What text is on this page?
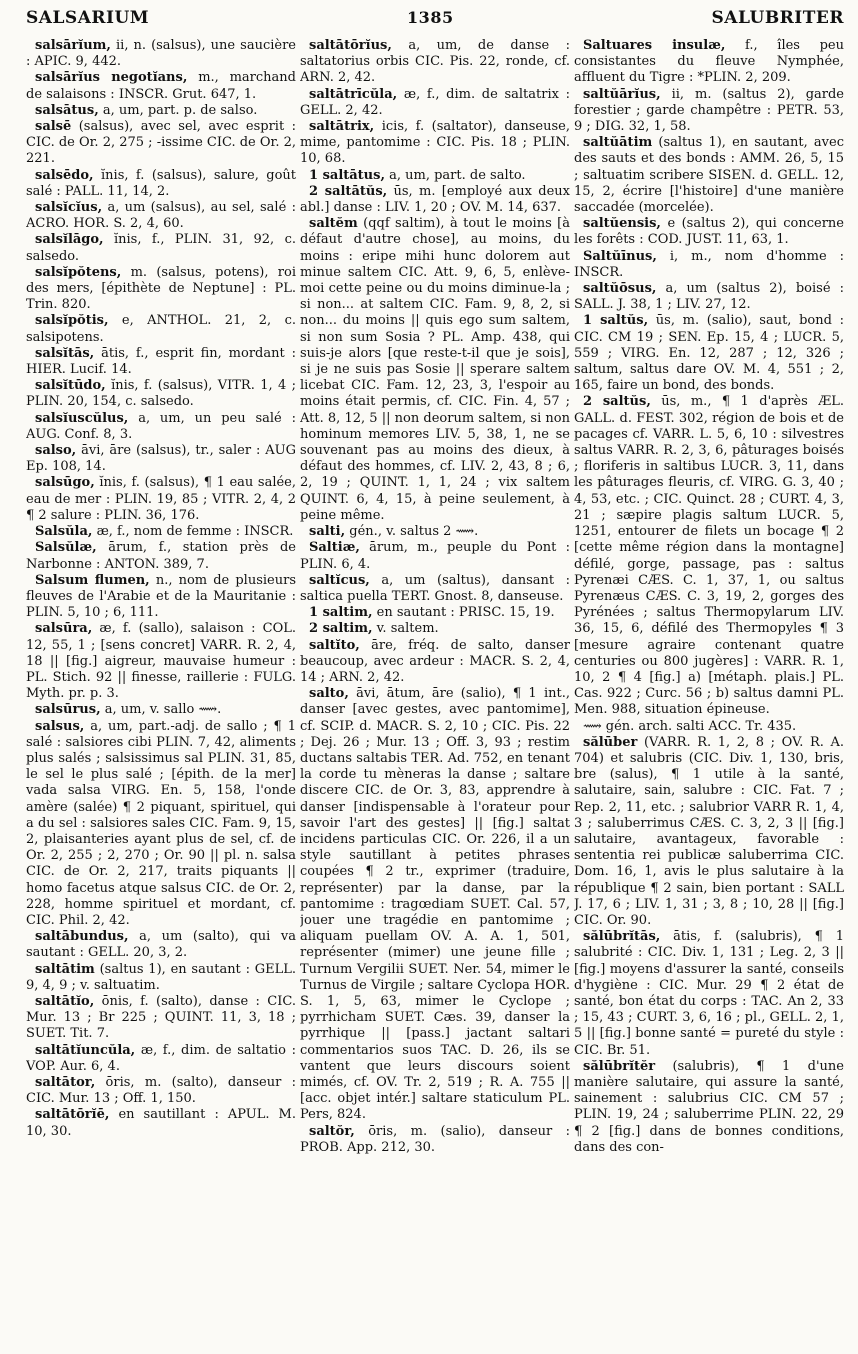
SALSARIUM	1385	SALUBRITER

salsārĭum, ii, n. (salsus), une saucière : APIC. 9, 442.

salsārĭus negotĭans, m., marchand de salaisons : INSCR. Grut. 647, 1.

salsātus, a, um, part. p. de salso.

salsē (salsus), avec sel, avec esprit : CIC. de Or. 2, 275 ; -issime CIC. de Or. 2, 221.

salsēdo, ĭnis, f. (salsus), salure, goût salé : PALL. 11, 14, 2.

salsĭcĭus, a, um (salsus), au sel, salé : ACRO. HOR. S. 2, 4, 60.

salsĭlāgo, ĭnis, f., PLIN. 31, 92, c. salsedo.

salsĭpŏtens, m. (salsus, potens), roi des mers, [épithète de Neptune] : PL. Trin. 820.

salsĭpŏtis, e, ANTHOL. 21, 2, c. salsipotens.

salsĭtās, ātis, f., esprit fin, mordant : HIER. Lucif. 14.

salsĭtūdo, ĭnis, f. (salsus), VITR. 1, 4 ; PLIN. 20, 154, c. salsedo.

salsĭuscŭlus, a, um, un peu salé : AUG. Conf. 8, 3.

salso, āvi, āre (salsus), tr., saler : AUG Ep. 108, 14.

salsūgo, ĭnis, f. (salsus), ¶ 1 eau salée, eau de mer : PLIN. 19, 85 ; VITR. 2, 4, 2 ¶ 2 salure : PLIN. 36, 176.

Salsŭla, æ, f., nom de femme : INSCR.

Salsŭlæ, ārum, f., station près de Narbonne : ANTON. 389, 7.

Salsum flumen, n., nom de plusieurs fleuves de l'Arabie et de la Mauritanie : PLIN. 5, 10 ; 6, 111.

salsūra, æ, f. (sallo), salaison : COL. 12, 55, 1 ; [sens concret] VARR. R. 2, 4, 18 || [fig.] aigreur, mauvaise humeur : PL. Stich. 92 || finesse, raillerie : FULG. Myth. pr. p. 3.

salsūrus, a, um, v. sallo ⟿.

salsus, a, um, part.-adj. de sallo ; ¶ 1 salé : salsiores cibi PLIN. 7, 42, aliments plus salés ; salsissimus sal PLIN. 31, 85, le sel le plus salé ; [épith. de la mer] vada salsa VIRG. En. 5, 158, l'onde amère (salée) ¶ 2 piquant, spirituel, qui a du sel : salsiores sales CIC. Fam. 9, 15, 2, plaisanteries ayant plus de sel, cf. de Or. 2, 255 ; 2, 270 ; Or. 90 || pl. n. salsa CIC. de Or. 2, 217, traits piquants || homo facetus atque salsus CIC. de Or. 2, 228, homme spirituel et mordant, cf. CIC. Phil. 2, 42.

saltābundus, a, um (salto), qui va sautant : GELL. 20, 3, 2.

saltātim (saltus 1), en sautant : GELL. 9, 4, 9 ; v. saltuatim.

saltātĭo, ōnis, f. (salto), danse : CIC. Mur. 13 ; Br 225 ; QUINT. 11, 3, 18 ; SUET. Tit. 7.

saltātĭuncŭla, æ, f., dim. de saltatio : VOP. Aur. 6, 4.

saltātor, ōris, m. (salto), danseur : CIC. Mur. 13 ; Off. 1, 150.

saltātōrĭē, en sautillant : APUL. M. 10, 30.

saltātōrĭus, a, um, de danse : saltatorius orbis CIC. Pis. 22, ronde, cf. ARN. 2, 42.

saltātrīcŭla, æ, f., dim. de saltatrix : GELL. 2, 42.

saltātrix, icis, f. (saltator), danseuse, mime, pantomime : CIC. Pis. 18 ; PLIN. 10, 68.

1 saltātus, a, um, part. de salto.

2 saltātŭs, ūs, m. [employé aux deux abl.] danse : LIV. 1, 20 ; OV. M. 14, 637.

saltĕm (qqf saltim), à tout le moins [à défaut d'autre chose], au moins, du moins : eripe mihi hunc dolorem aut minue saltem CIC. Att. 9, 6, 5, enlève-moi cette peine ou du moins diminue-la ; si non... at saltem CIC. Fam. 9, 8, 2, si non... du moins || quis ego sum saltem, si non sum Sosia ? PL. Amp. 438, qui suis-je alors [que reste-t-il que je sois], si je ne suis pas Sosie || sperare saltem licebat CIC. Fam. 12, 23, 3, l'espoir au moins était permis, cf. CIC. Fin. 4, 57 ; Att. 8, 12, 5 || non deorum saltem, si non hominum memores LIV. 5, 38, 1, ne se souvenant pas au moins des dieux, à défaut des hommes, cf. LIV. 2, 43, 8 ; 6, 2, 19 ; QUINT. 1, 1, 24 ; vix saltem QUINT. 6, 4, 15, à peine seulement, à peine même.

salti, gén., v. saltus 2 ⟿.

Saltiæ, ārum, m., peuple du Pont : PLIN. 6, 4.

saltĭcus, a, um (saltus), dansant : saltica puella TERT. Gnost. 8, danseuse.

1 saltim, en sautant : PRISC. 15, 19.

2 saltim, v. saltem.

saltĭto, āre, fréq. de salto, danser beaucoup, avec ardeur : MACR. S. 2, 4, 14 ; ARN. 2, 42.

salto, āvi, ātum, āre (salio), ¶ 1 int., danser [avec gestes, avec pantomime], cf. SCIP. d. MACR. S. 2, 10 ; CIC. Pis. 22 ; Dej. 26 ; Mur. 13 ; Off. 3, 93 ; restim ductans saltabis TER. Ad. 752, en tenant la corde tu mèneras la danse ; saltare discere CIC. de Or. 3, 83, apprendre à danser [indispensable à l'orateur pour savoir l'art des gestes] || [fig.] saltat incidens particulas CIC. Or. 226, il a un style sautillant à petites phrases coupées ¶ 2 tr., exprimer (traduire, représenter) par la danse, par la pantomime : tragœdiam SUET. Cal. 57, jouer une tragédie en pantomime ; aliquam puellam OV. A. A. 1, 501, représenter (mimer) une jeune fille ; Turnum Vergilii SUET. Ner. 54, mimer le Turnus de Virgile ; saltare Cyclopa HOR. S. 1, 5, 63, mimer le Cyclope ; pyrrhicham SUET. Cæs. 39, danser la pyrrhique || [pass.] jactant saltari commentarios suos TAC. D. 26, ils se vantent que leurs discours soient mimés, cf. OV. Tr. 2, 519 ; R. A. 755 || [acc. objet intér.] saltare staticulum PL. Pers, 824.

saltŏr, ōris, m. (salio), danseur : PROB. App. 212, 30.

Saltuares insulæ, f., îles peu consistantes du fleuve Nymphée, affluent du Tigre : *PLIN. 2, 209.

saltŭārĭus, ii, m. (saltus 2), garde forestier ; garde champêtre : PETR. 53, 9 ; DIG. 32, 1, 58.

saltŭātim (saltus 1), en sautant, avec des sauts et des bonds : AMM. 26, 5, 15 ; saltuatim scribere SISEN. d. GELL. 12, 15, 2, écrire [l'histoire] d'une manière saccadée (morcelée).

saltŭensis, e (saltus 2), qui concerne les forêts : COD. JUST. 11, 63, 1.

Saltŭīnus, i, m., nom d'homme : INSCR.

saltŭōsus, a, um (saltus 2), boisé : SALL. J. 38, 1 ; LIV. 27, 12.

1 saltŭs, ūs, m. (salio), saut, bond : CIC. CM 19 ; SEN. Ep. 15, 4 ; LUCR. 5, 559 ; VIRG. En. 12, 287 ; 12, 326 ; saltum, saltus dare OV. M. 4, 551 ; 2, 165, faire un bond, des bonds.

2 saltŭs, ūs, m., ¶ 1 d'après ÆL. GALL. d. FEST. 302, région de bois et de pacages cf. VARR. L. 5, 6, 10 : silvestres saltus VARR. R. 2, 3, 6, pâturages boisés ; floriferis in saltibus LUCR. 3, 11, dans les pâturages fleuris, cf. VIRG. G. 3, 40 ; 4, 53, etc. ; CIC. Quinct. 28 ; CURT. 4, 3, 21 ; sæpire plagis saltum LUCR. 5, 1251, entourer de filets un bocage ¶ 2 [cette même région dans la montagne] défilé, gorge, passage, pas : saltus Pyrenæi CÆS. C. 1, 37, 1, ou saltus Pyrenæus CÆS. C. 3, 19, 2, gorges des Pyrénées ; saltus Thermopylarum LIV. 36, 15, 6, défilé des Thermopyles ¶ 3 [mesure agraire contenant quatre centuries ou 800 jugères] : VARR. R. 1, 10, 2 ¶ 4 [fig.] a) [métaph. plais.] PL. Cas. 922 ; Curc. 56 ; b) saltus damni PL. Men. 988, situation épineuse.

⟿ gén. arch. salti ACC. Tr. 435.

sălūber (VARR. R. 1, 2, 8 ; OV. R. A. 704) et salubris (CIC. Div. 1, 130, bris, bre (salus), ¶ 1 utile à la santé, salutaire, sain, salubre : CIC. Fat. 7 ; Rep. 2, 11, etc. ; salubrior VARR R. 1, 4, 3 ; saluberrimus CÆS. C. 3, 2, 3 || [fig.] salutaire, avantageux, favorable : sententia rei publicæ saluberrima CIC. Dom. 16, 1, avis le plus salutaire à la république ¶ 2 sain, bien portant : SALL J. 17, 6 ; LIV. 1, 31 ; 3, 8 ; 10, 28 || [fig.] CIC. Or. 90.

sălūbrĭtās, ātis, f. (salubris), ¶ 1 salubrité : CIC. Div. 1, 131 ; Leg. 2, 3 || [fig.] moyens d'assurer la santé, conseils d'hygiène : CIC. Mur. 29 ¶ 2 état de santé, bon état du corps : TAC. An 2, 33 ; 15, 43 ; CURT. 3, 6, 16 ; pl., GELL. 2, 1, 5 || [fig.] bonne santé = pureté du style : CIC. Br. 51.

sălūbrĭtĕr (salubris), ¶ 1 d'une manière salutaire, qui assure la santé, sainement : salubrius CIC. CM 57 ; PLIN. 19, 24 ; saluberrime PLIN. 22, 29 ¶ 2 [fig.] dans de bonnes conditions, dans des con-
